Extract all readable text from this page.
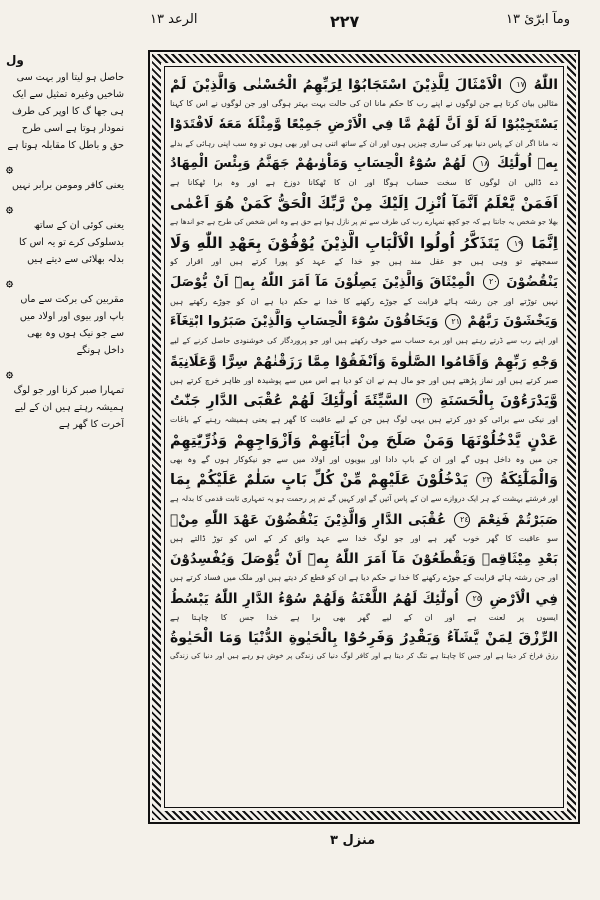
ومآ ابرّئ ١٣
٢٢٧
الرعد ١٣
ول
حاصل ہو لیتا اور بہت سی شاخیں وغیرہ تمثیل سے ایک ہی جھا گ کا اوپر کی طرف نمودار ہوتا ہے اسی طرح حق و باطل کا مقابلہ ہوتا ہے
۞
یعنی کافر ومومن برابر نہیں
۞
یعنی کوئی ان کے ساتھ بدسلوکی کرے تو یہ اس کا بدلہ بھلائی سے دیتے ہیں
۞
مقربین کی برکت سے ماں باپ اور بیوی اور اولاد میں سے جو نیک ہوں وہ بھی داخل ہونگے
۞
تمہارا صبر کرنا اور جو لوگ ہمیشہ رہتے ہیں ان کے لیے آخرت کا گھر ہے
اللّٰهُ ١٧ الْاَمْثَالَ لِلَّذِيْنَ اسْتَجَابُوْا لِرَبِّهِمُ الْحُسْنٰى وَالَّذِيْنَ لَمْ
مثالیں بیان کرتا ہے جن لوگوں نے اپنے رب کا حکم مانا ان کی حالت بہت بہتر ہوگی اور جن لوگوں نے اس کا کہنا
يَسْتَجِيْبُوْا لَهٗ لَوْ اَنَّ لَهُمْ مَّا فِي الْاَرْضِ جَمِيْعًا وَّمِثْلَهٗ مَعَهٗ لَافْتَدَوْا
نہ مانا اگر ان کے پاس دنیا بھر کی ساری چیزیں ہوں اور ان کے ساتھ اتنی ہی اور بھی ہوں تو وہ سب اپنی رہائی کے بدلے
بِهٖ اُولٰٓئِكَ ١٨ لَهُمْ سُوْٓءُ الْحِسَابِ وَمَاْوٰىهُمْ جَهَنَّمُ وَبِئْسَ الْمِهَادُ
دے ڈالیں ان لوگوں کا سخت حساب ہوگا اور ان کا ٹھکانا دوزخ ہے اور وہ برا ٹھکانا ہے
اَفَمَنْ يَّعْلَمُ اَنَّمَآ اُنْزِلَ اِلَيْكَ مِنْ رَّبِّكَ الْحَقُّ كَمَنْ هُوَ اَعْمٰى
بھلا جو شخص یہ جانتا ہے کہ جو کچھ تمہارے رب کی طرف سے تم پر نازل ہوا ہے حق ہے وہ اس شخص کی طرح ہے جو اندھا ہے
اِنَّمَا ١٩ يَتَذَكَّرُ اُولُوا الْاَلْبَابِ الَّذِيْنَ يُوْفُوْنَ بِعَهْدِ اللّٰهِ وَلَا
سمجھتے تو وہی ہیں جو عقل مند ہیں جو خدا کے عہد کو پورا کرتے ہیں اور اقرار کو
يَنْقُضُوْنَ ٢٠ الْمِيْثَاقَ وَالَّذِيْنَ يَصِلُوْنَ مَآ اَمَرَ اللّٰهُ بِهٖٓ اَنْ يُّوْصَلَ
نہیں توڑتے اور جن رشتہ ہائے قرابت کے جوڑے رکھنے کا خدا نے حکم دیا ہے ان کو جوڑے رکھتے ہیں
وَيَخْشَوْنَ رَبَّهُمْ ٢١ وَيَخَافُوْنَ سُوْٓءَ الْحِسَابِ وَالَّذِيْنَ صَبَرُوا ابْتِغَآءَ
اور اپنے رب سے ڈرتے رہتے ہیں اور برے حساب سے خوف رکھتے ہیں اور جو پروردگار کی خوشنودی حاصل کرنے کے لیے
وَجْهِ رَبِّهِمْ وَاَقَامُوا الصَّلٰوةَ وَاَنْفَقُوْا مِمَّا رَزَقْنٰهُمْ سِرًّا وَّعَلَانِيَةً
صبر کرتے ہیں اور نماز پڑھتے ہیں اور جو مال ہم نے ان کو دیا ہے اس میں سے پوشیدہ اور ظاہر خرچ کرتے ہیں
وَّيَدْرَءُوْنَ بِالْحَسَنَةِ ٢٢ السَّيِّئَةَ اُولٰٓئِكَ لَهُمْ عُقْبَى الدَّارِ جَنّٰتُ
اور نیکی سے برائی کو دور کرتے ہیں یہی لوگ ہیں جن کے لیے عاقبت کا گھر ہے یعنی ہمیشہ رہنے کے باغات
عَدْنٍ يَّدْخُلُوْنَهَا وَمَنْ صَلَحَ مِنْ اٰبَآئِهِمْ وَاَزْوَاجِهِمْ وَذُرِّيّٰتِهِمْ
جن میں وہ داخل ہوں گے اور ان کے باپ دادا اور بیویوں اور اولاد میں سے جو نیکوکار ہوں گے وہ بھی
وَالْمَلٰٓئِكَةُ ٢٣ يَدْخُلُوْنَ عَلَيْهِمْ مِّنْ كُلِّ بَابٍ سَلٰمٌ عَلَيْكُمْ بِمَا
اور فرشتے بہشت کے ہر ایک دروازے سے ان کے پاس آئیں گے اور کہیں گے تم پر رحمت ہو یہ تمہاری ثابت قدمی کا بدلہ ہے
صَبَرْتُمْ فَنِعْمَ ٢٤ عُقْبَى الدَّارِ وَالَّذِيْنَ يَنْقُضُوْنَ عَهْدَ اللّٰهِ مِنْۢ
سو عاقبت کا گھر خوب گھر ہے اور جو لوگ خدا سے عہد واثق کر کے اس کو توڑ ڈالتے ہیں
بَعْدِ مِيْثَاقِهٖ وَيَقْطَعُوْنَ مَآ اَمَرَ اللّٰهُ بِهٖٓ اَنْ يُّوْصَلَ وَيُفْسِدُوْنَ
اور جن رشتہ ہائے قرابت کے جوڑے رکھنے کا خدا نے حکم دیا ہے ان کو قطع کر دیتے ہیں اور ملک میں فساد کرتے ہیں
فِي الْاَرْضِ ٢٥ اُولٰٓئِكَ لَهُمُ اللَّعْنَةُ وَلَهُمْ سُوْٓءُ الدَّارِ اللّٰهُ يَبْسُطُ
ایسوں پر لعنت ہے اور ان کے لیے گھر بھی برا ہے خدا جس کا چاہتا ہے
الرِّزْقَ لِمَنْ يَّشَآءُ وَيَقْدِرُ وَفَرِحُوْا بِالْحَيٰوةِ الدُّنْيَا وَمَا الْحَيٰوةُ
رزق فراخ کر دیتا ہے اور جس کا چاہتا ہے تنگ کر دیتا ہے اور کافر لوگ دنیا کی زندگی پر خوش ہو رہے ہیں اور دنیا کی زندگی
منزل ٣
